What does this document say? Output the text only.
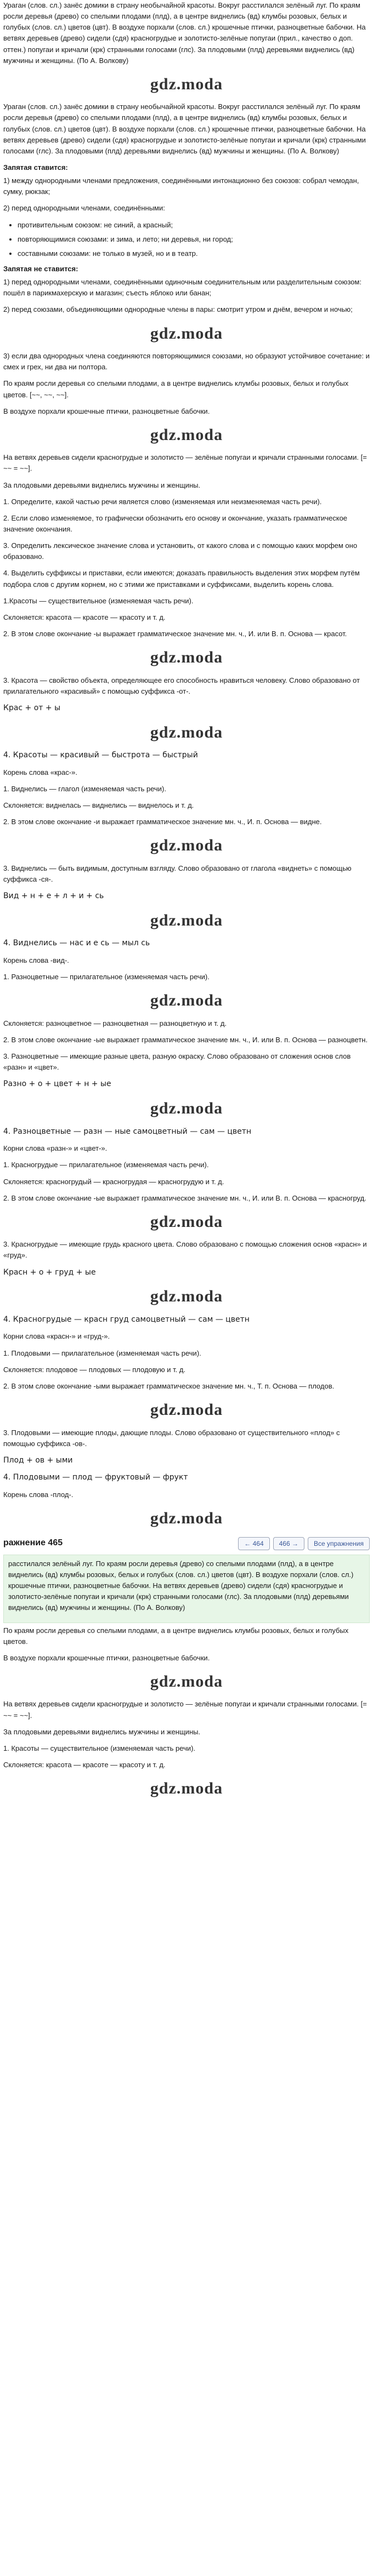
Ураган (слов. сл.) занёс домики в страну необычайной красоты. Вокруг расстилался зелёный луг. По краям росли деревья (древо) со спелыми плодами (плд), а в центре виднелись (вд) клумбы розовых, белых и голубых (слов. сл.) цветов (цвт). В воздухе порхали (слов. сл.) крошечные птички, разноцветные бабочки. На ветвях деревьев (древо) сидели (сдя) красногрудые и золотисто-зелёные попугаи (прил., качество о доп. оттен.) попугаи и кричали (крк) странными голосами (глс). За плодовыми (плд) деревьями виднелись (вд) мужчины и женщины. (По А. Волкову)

gdz.moda

Ураган (слов. сл.) занёс домики в страну необычайной красоты. Вокруг расстилался зелёный луг. По краям росли деревья (древо) со спелыми плодами (плд), а в центре виднелись (вд) клумбы розовых, белых и голубых (слов. сл.) цветов (цвт). В воздухе порхали (слов. сл.) крошечные птички, разноцветные бабочки. На ветвях деревьев (древо) сидели (сдя) красногрудые и золотисто-зелёные попугаи и кричали (крк) странными голосами (глс). За плодовыми (плд) деревьями виднелись (вд) мужчины и женщины. (По А. Волкову)

Запятая ставится:

1) между однородными членами предложения, соединёнными интонационно без союзов: собрал чемодан, сумку, рюкзак;

2) перед однородными членами, соединёнными:

• противительным союзом: не синий, а красный;
• повторяющимися союзами: и зима, и лето; ни деревья, ни город;
• составными союзами: не только в музей, но и в театр.
Запятая не ставится:

1) перед однородными членами, соединёнными одиночным соединительным или разделительным союзом: пошёл в парикмахерскую и магазин; съесть яблоко или банан;

2) перед союзами, объединяющими однородные члены в пары: смотрит утром и днём, вечером и ночью;

gdz.moda

3) если два однородных члена соединяются повторяющимися союзами, но образуют устойчивое сочетание: и смех и грех, ни два ни полтора.

По краям росли деревья со спелыми плодами, а в центре виднелись клумбы розовых, белых и голубых цветов. [~~, ~~, ~~].

В воздухе порхали крошечные птички, разноцветные бабочки.

gdz.moda

На ветвях деревьев сидели красногрудые и золотисто — зелёные попугаи и кричали странными голосами. [= ~~ = ~~].

За плодовыми деревьями виднелись мужчины и женщины.

1. Определите, какой частью речи является слово (изменяемая или неизменяемая часть речи).

2. Если слово изменяемое, то графически обозначить его основу и окончание, указать грамматическое значение окончания.

3. Определить лексическое значение слова и установить, от какого слова и с помощью каких морфем оно образовано.

4. Выделить суффиксы и приставки, если имеются; доказать правильность выделения этих морфем путём подбора слов с другим корнем, но с этими же приставками и суффиксами, выделить корень слова.

1.Красоты — существительное (изменяемая часть речи).

Склоняется: красота — красоте — красоту и т. д.

2. В этом слове окончание -ы выражает грамматическое значение мн. ч., И. или В. п. Основа — красот.

gdz.moda

3. Красота — свойство объекта, определяющее его способность нравиться человеку. Слово образовано от прилагательного «красивый» с помощью суффикса -от-.

Крас + от + ы
gdz.moda
4. Красоты — красивый — быстрота — быстрый

Корень слова «крас-».

1. Виднелись — глагол (изменяемая часть речи).

Склоняется: виднелась — виднелись — виднелось и т. д.

2. В этом слове окончание -и выражает грамматическое значение мн. ч., И. п. Основа — видне.

gdz.moda

3. Виднелись — быть видимым, доступным взгляду. Слово образовано от глагола «виднеть» с помощью суффикса -ся-.

Вид + н + е + л + и + сь
gdz.moda
4. Виднелись — нас и е сь — мыл сь

Корень слова -вид-.

1. Разноцветные — прилагательное (изменяемая часть речи).

gdz.moda

Склоняется: разноцветное — разноцветная — разноцветную и т. д.

2. В этом слове окончание -ые выражает грамматическое значение мн. ч., И. или В. п. Основа — разноцветн.

3. Разноцветные — имеющие разные цвета, разную окраску. Слово образовано от сложения основ слов «разн» и «цвет».

Разно + о + цвет + н + ые
gdz.moda
4. Разноцветные — разн — ные самоцветный — сам — цветн

Корни слова «разн-» и «цвет-».

1. Красногрудые — прилагательное (изменяемая часть речи).

Склоняется: красногрудый — красногрудая — красногрудую и т. д.

2. В этом слове окончание -ые выражает грамматическое значение мн. ч., И. или В. п. Основа — красногруд.

gdz.moda

3. Красногрудые — имеющие грудь красного цвета. Слово образовано с помощью сложения основ «красн» и «груд».

Красн + о + груд + ые
gdz.moda
4. Красногрудые — красн груд самоцветный — сам — цветн

Корни слова «красн-» и «груд-».

1. Плодовыми — прилагательное (изменяемая часть речи).

Склоняется: плодовое — плодовых — плодовую и т. д.

2. В этом слове окончание -ыми выражает грамматическое значение мн. ч., Т. п. Основа — плодов.

gdz.moda

3. Плодовыми — имеющие плоды, дающие плоды. Слово образовано от существительного «плод» с помощью суффикса -ов-.

Плод + ов + ыми
4. Плодовыми — плод — фруктовый — фрукт

Корень слова -плод-.

gdz.moda
ражнение 465	← 464	466 →	Все упражнения

расстилался зелёный луг. По краям росли деревья (древо) со спелыми плодами (плд), а в центре виднелись (вд) клумбы розовых, белых и голубых (слов. сл.) цветов (цвт). В воздухе порхали (слов. сл.) крошечные птички, разноцветные бабочки. На ветвях деревьев (древо) сидели (сдя) красногрудые и золотисто-зелёные попугаи и кричали (крк) странными голосами (глс). За плодовыми (плд) деревьями виднелись (вд) мужчины и женщины. (По А. Волкову)

По краям росли деревья со спелыми плодами, а в центре виднелись клумбы розовых, белых и голубых цветов.

В воздухе порхали крошечные птички, разноцветные бабочки.

gdz.moda

На ветвях деревьев сидели красногрудые и золотисто — зелёные попугаи и кричали странными голосами. [= ~~ = ~~].

За плодовыми деревьями виднелись мужчины и женщины.

1. Красоты — существительное (изменяемая часть речи).

Склоняется: красота — красоте — красоту и т. д.

gdz.moda
